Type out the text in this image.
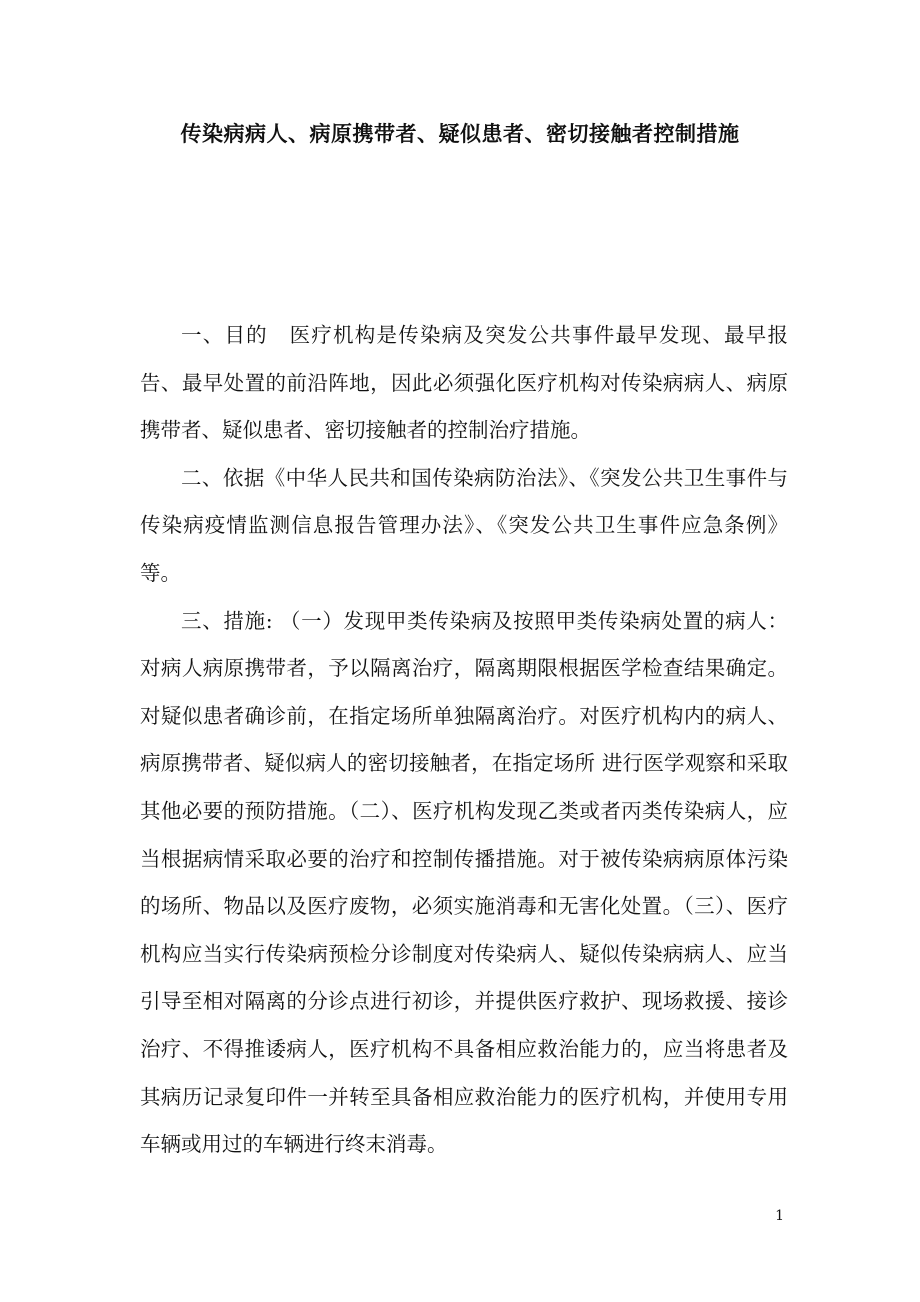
传染病病人、病原携带者、疑似患者、密切接触者控制措施

一、目的　医疗机构是传染病及突发公共事件最早发现、最早报告、最早处置的前沿阵地，因此必须强化医疗机构对传染病病人、病原携带者、疑似患者、密切接触者的控制治疗措施。

二、依据《中华人民共和国传染病防治法》、《突发公共卫生事件与传染病疫情监测信息报告管理办法》、《突发公共卫生事件应急条例》等。

三、措施: （一）发现甲类传染病及按照甲类传染病处置的病人：对病人病原携带者，予以隔离治疗，隔离期限根据医学检查结果确定。对疑似患者确诊前，在指定场所单独隔离治疗。对医疗机构内的病人、病原携带者、疑似病人的密切接触者，在指定场所 进行医学观察和采取其他必要的预防措施。（二）、医疗机构发现乙类或者丙类传染病人，应当根据病情采取必要的治疗和控制传播措施。对于被传染病病原体污染的场所、物品以及医疗废物，必须实施消毒和无害化处置。（三）、医疗机构应当实行传染病预检分诊制度对传染病人、疑似传染病病人、应当引导至相对隔离的分诊点进行初诊，并提供医疗救护、现场救援、接诊治疗、不得推诿病人，医疗机构不具备相应救治能力的，应当将患者及其病历记录复印件一并转至具备相应救治能力的医疗机构，并使用专用车辆或用过的车辆进行终末消毒。

1
